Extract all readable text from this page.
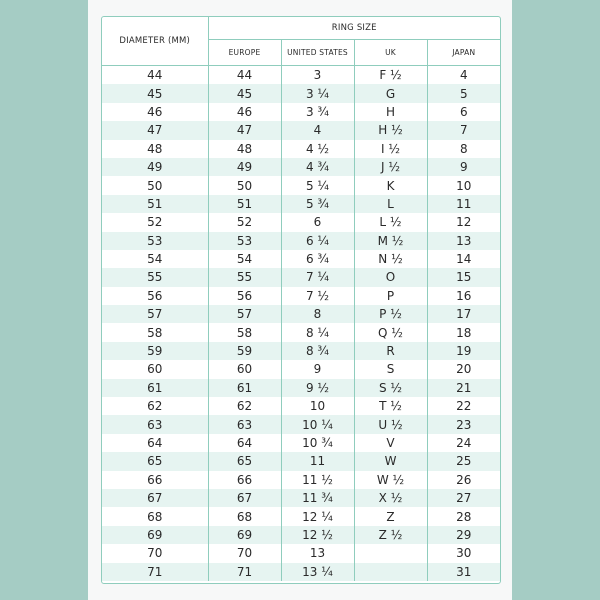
DIAMETER (MM)	RING SIZE			
	EUROPE	UNITED STATES	UK	JAPAN
44	44	3	F ½	4
45	45	3 ¼	G	5
46	46	3 ¾	H	6
47	47	4	H ½	7
48	48	4 ½	I ½	8
49	49	4 ¾	J ½	9
50	50	5 ¼	K	10
51	51	5 ¾	L	11
52	52	6	L ½	12
53	53	6 ¼	M ½	13
54	54	6 ¾	N ½	14
55	55	7 ¼	O	15
56	56	7 ½	P	16
57	57	8	P ½	17
58	58	8 ¼	Q ½	18
59	59	8 ¾	R	19
60	60	9	S	20
61	61	9 ½	S ½	21
62	62	10	T ½	22
63	63	10 ¼	U ½	23
64	64	10 ¾	V	24
65	65	11	W	25
66	66	11 ½	W ½	26
67	67	11 ¾	X ½	27
68	68	12 ¼	Z	28
69	69	12 ½	Z ½	29
70	70	13		30
71	71	13 ¼		31
